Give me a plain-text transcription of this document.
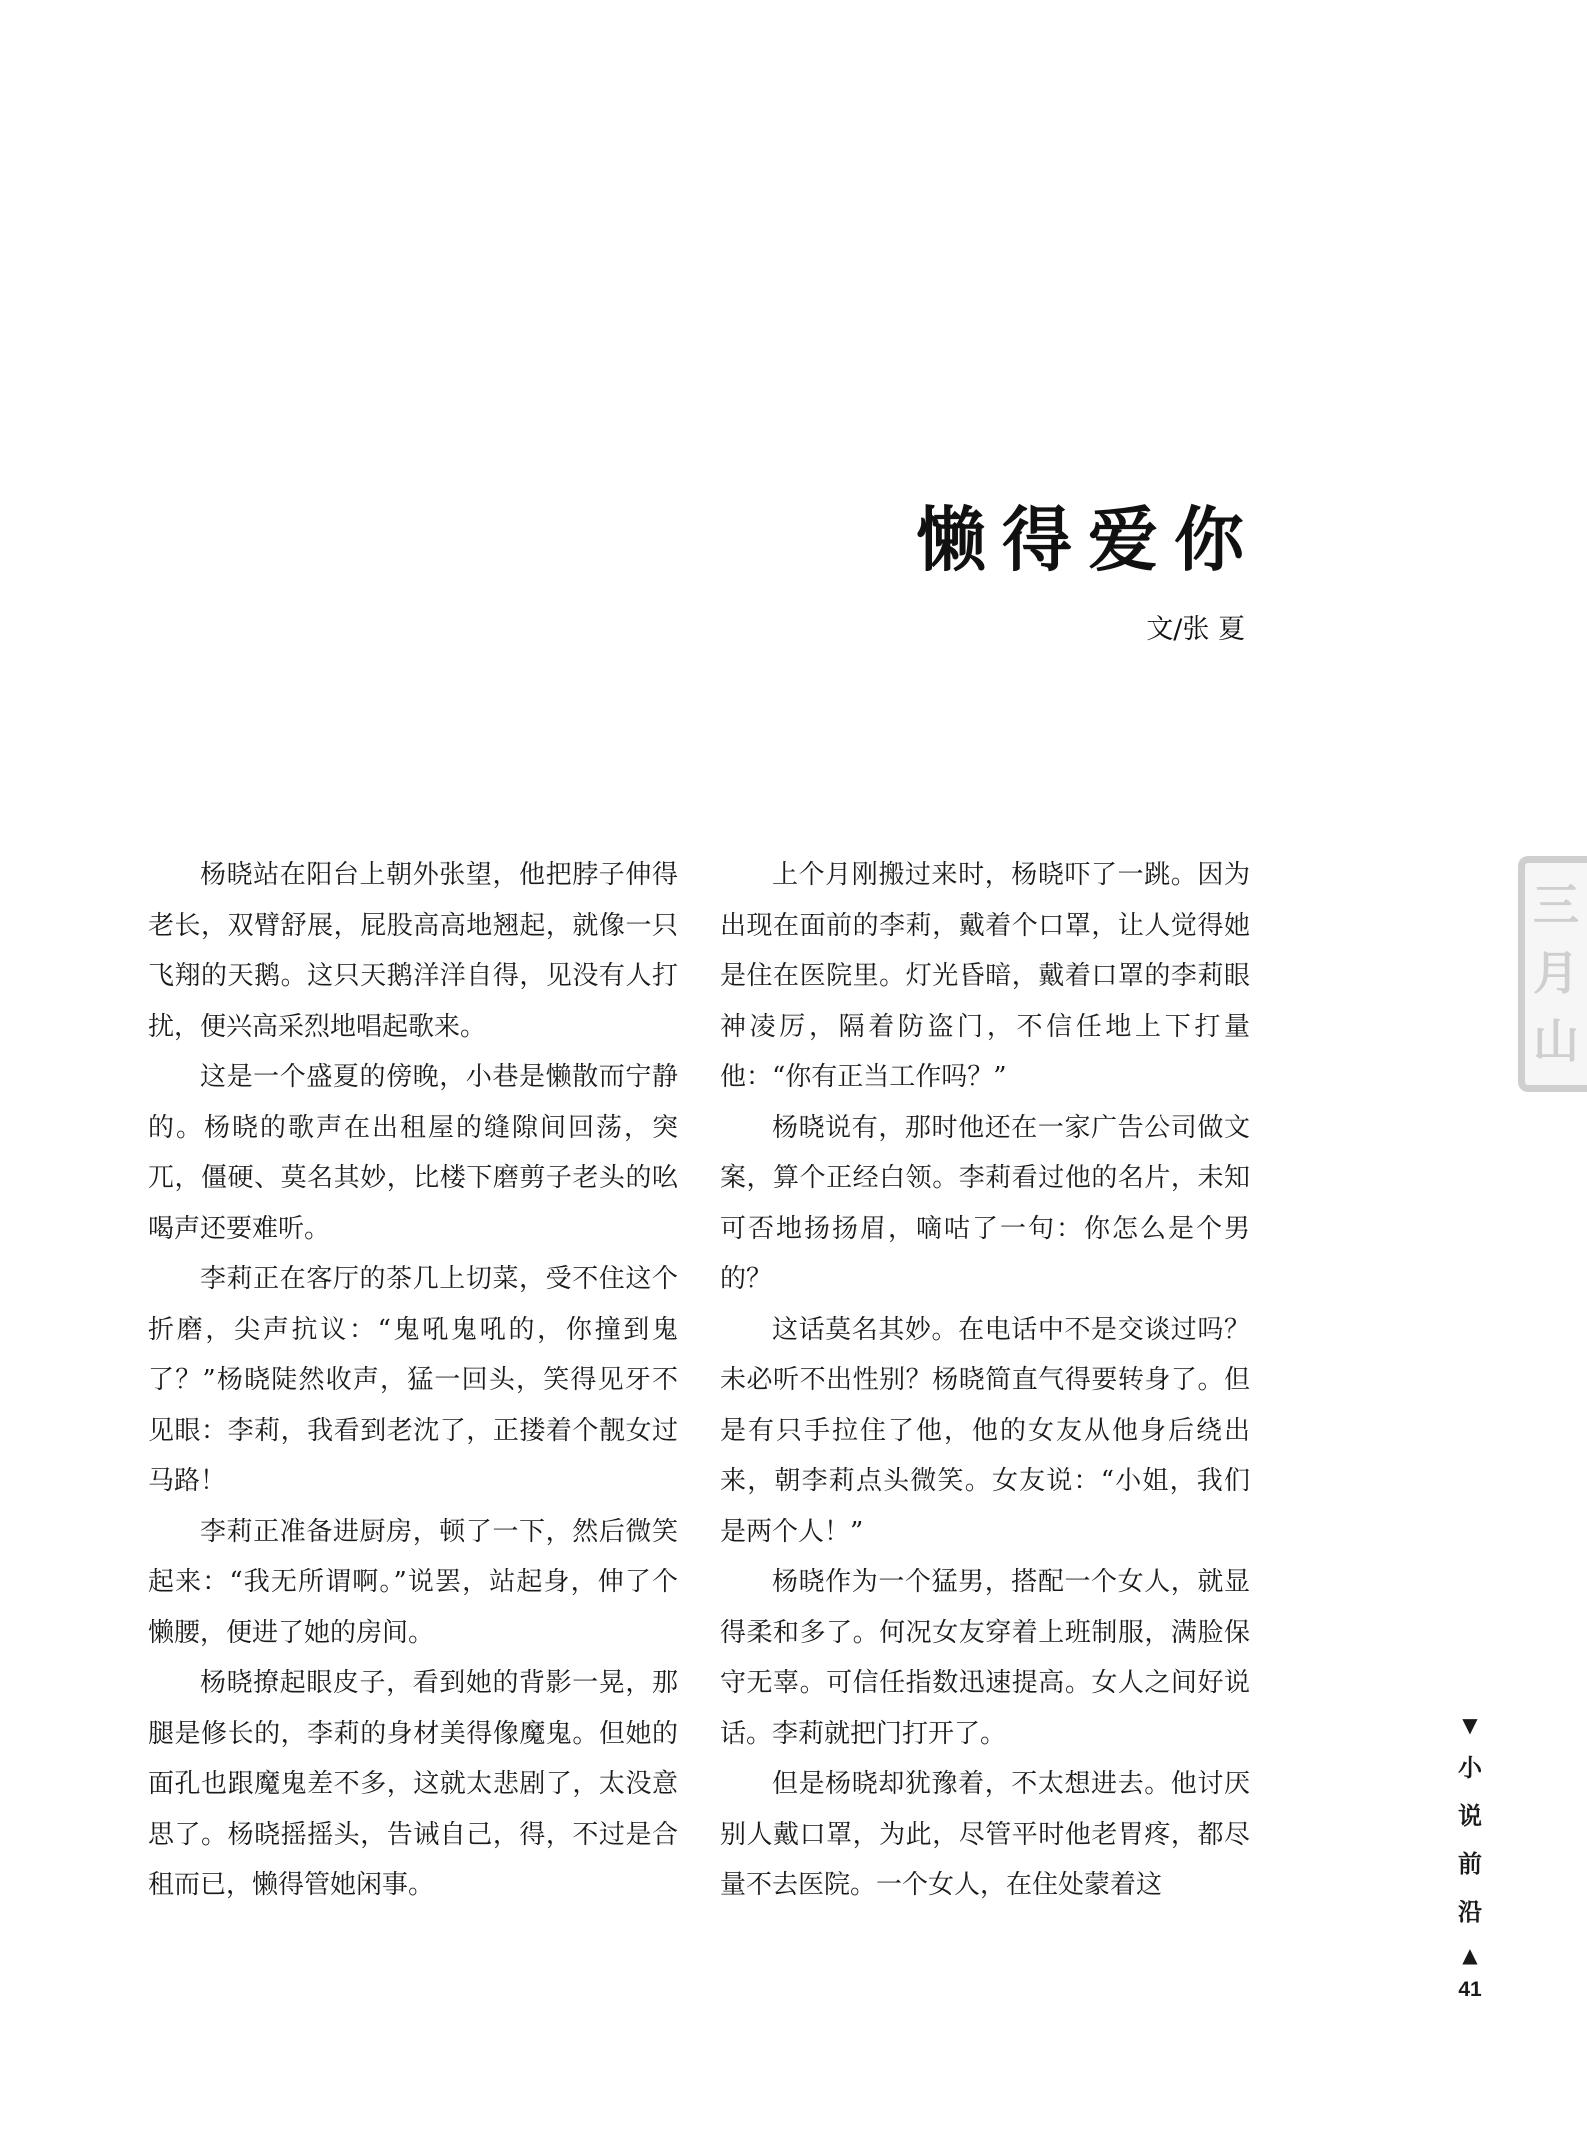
懒得爱你
文/张 夏

杨晓站在阳台上朝外张望，他把脖子伸得老长，双臂舒展，屁股高高地翘起，就像一只飞翔的天鹅。这只天鹅洋洋自得，见没有人打扰，便兴高采烈地唱起歌来。

这是一个盛夏的傍晚，小巷是懒散而宁静的。杨晓的歌声在出租屋的缝隙间回荡，突兀，僵硬、莫名其妙，比楼下磨剪子老头的吆喝声还要难听。

李莉正在客厅的茶几上切菜，受不住这个折磨，尖声抗议：“鬼吼鬼吼的，你撞到鬼了？”杨晓陡然收声，猛一回头，笑得见牙不见眼：李莉，我看到老沈了，正搂着个靓女过马路！

李莉正准备进厨房，顿了一下，然后微笑起来：“我无所谓啊。”说罢，站起身，伸了个懒腰，便进了她的房间。

杨晓撩起眼皮子，看到她的背影一晃，那腿是修长的，李莉的身材美得像魔鬼。但她的面孔也跟魔鬼差不多，这就太悲剧了，太没意思了。杨晓摇摇头，告诫自己，得，不过是合租而已，懒得管她闲事。

上个月刚搬过来时，杨晓吓了一跳。因为出现在面前的李莉，戴着个口罩，让人觉得她是住在医院里。灯光昏暗，戴着口罩的李莉眼神凌厉，隔着防盗门，不信任地上下打量他：“你有正当工作吗？”

杨晓说有，那时他还在一家广告公司做文案，算个正经白领。李莉看过他的名片，未知可否地扬扬眉，嘀咕了一句：你怎么是个男的？

这话莫名其妙。在电话中不是交谈过吗？未必听不出性别？杨晓简直气得要转身了。但是有只手拉住了他，他的女友从他身后绕出来，朝李莉点头微笑。女友说：“小姐，我们是两个人！”

杨晓作为一个猛男，搭配一个女人，就显得柔和多了。何况女友穿着上班制服，满脸保守无辜。可信任指数迅速提高。女人之间好说话。李莉就把门打开了。

但是杨晓却犹豫着，不太想进去。他讨厌别人戴口罩，为此，尽管平时他老胃疼，都尽量不去医院。一个女人，在住处蒙着这

三月山
▼
小
说
前
沿
▲
41
